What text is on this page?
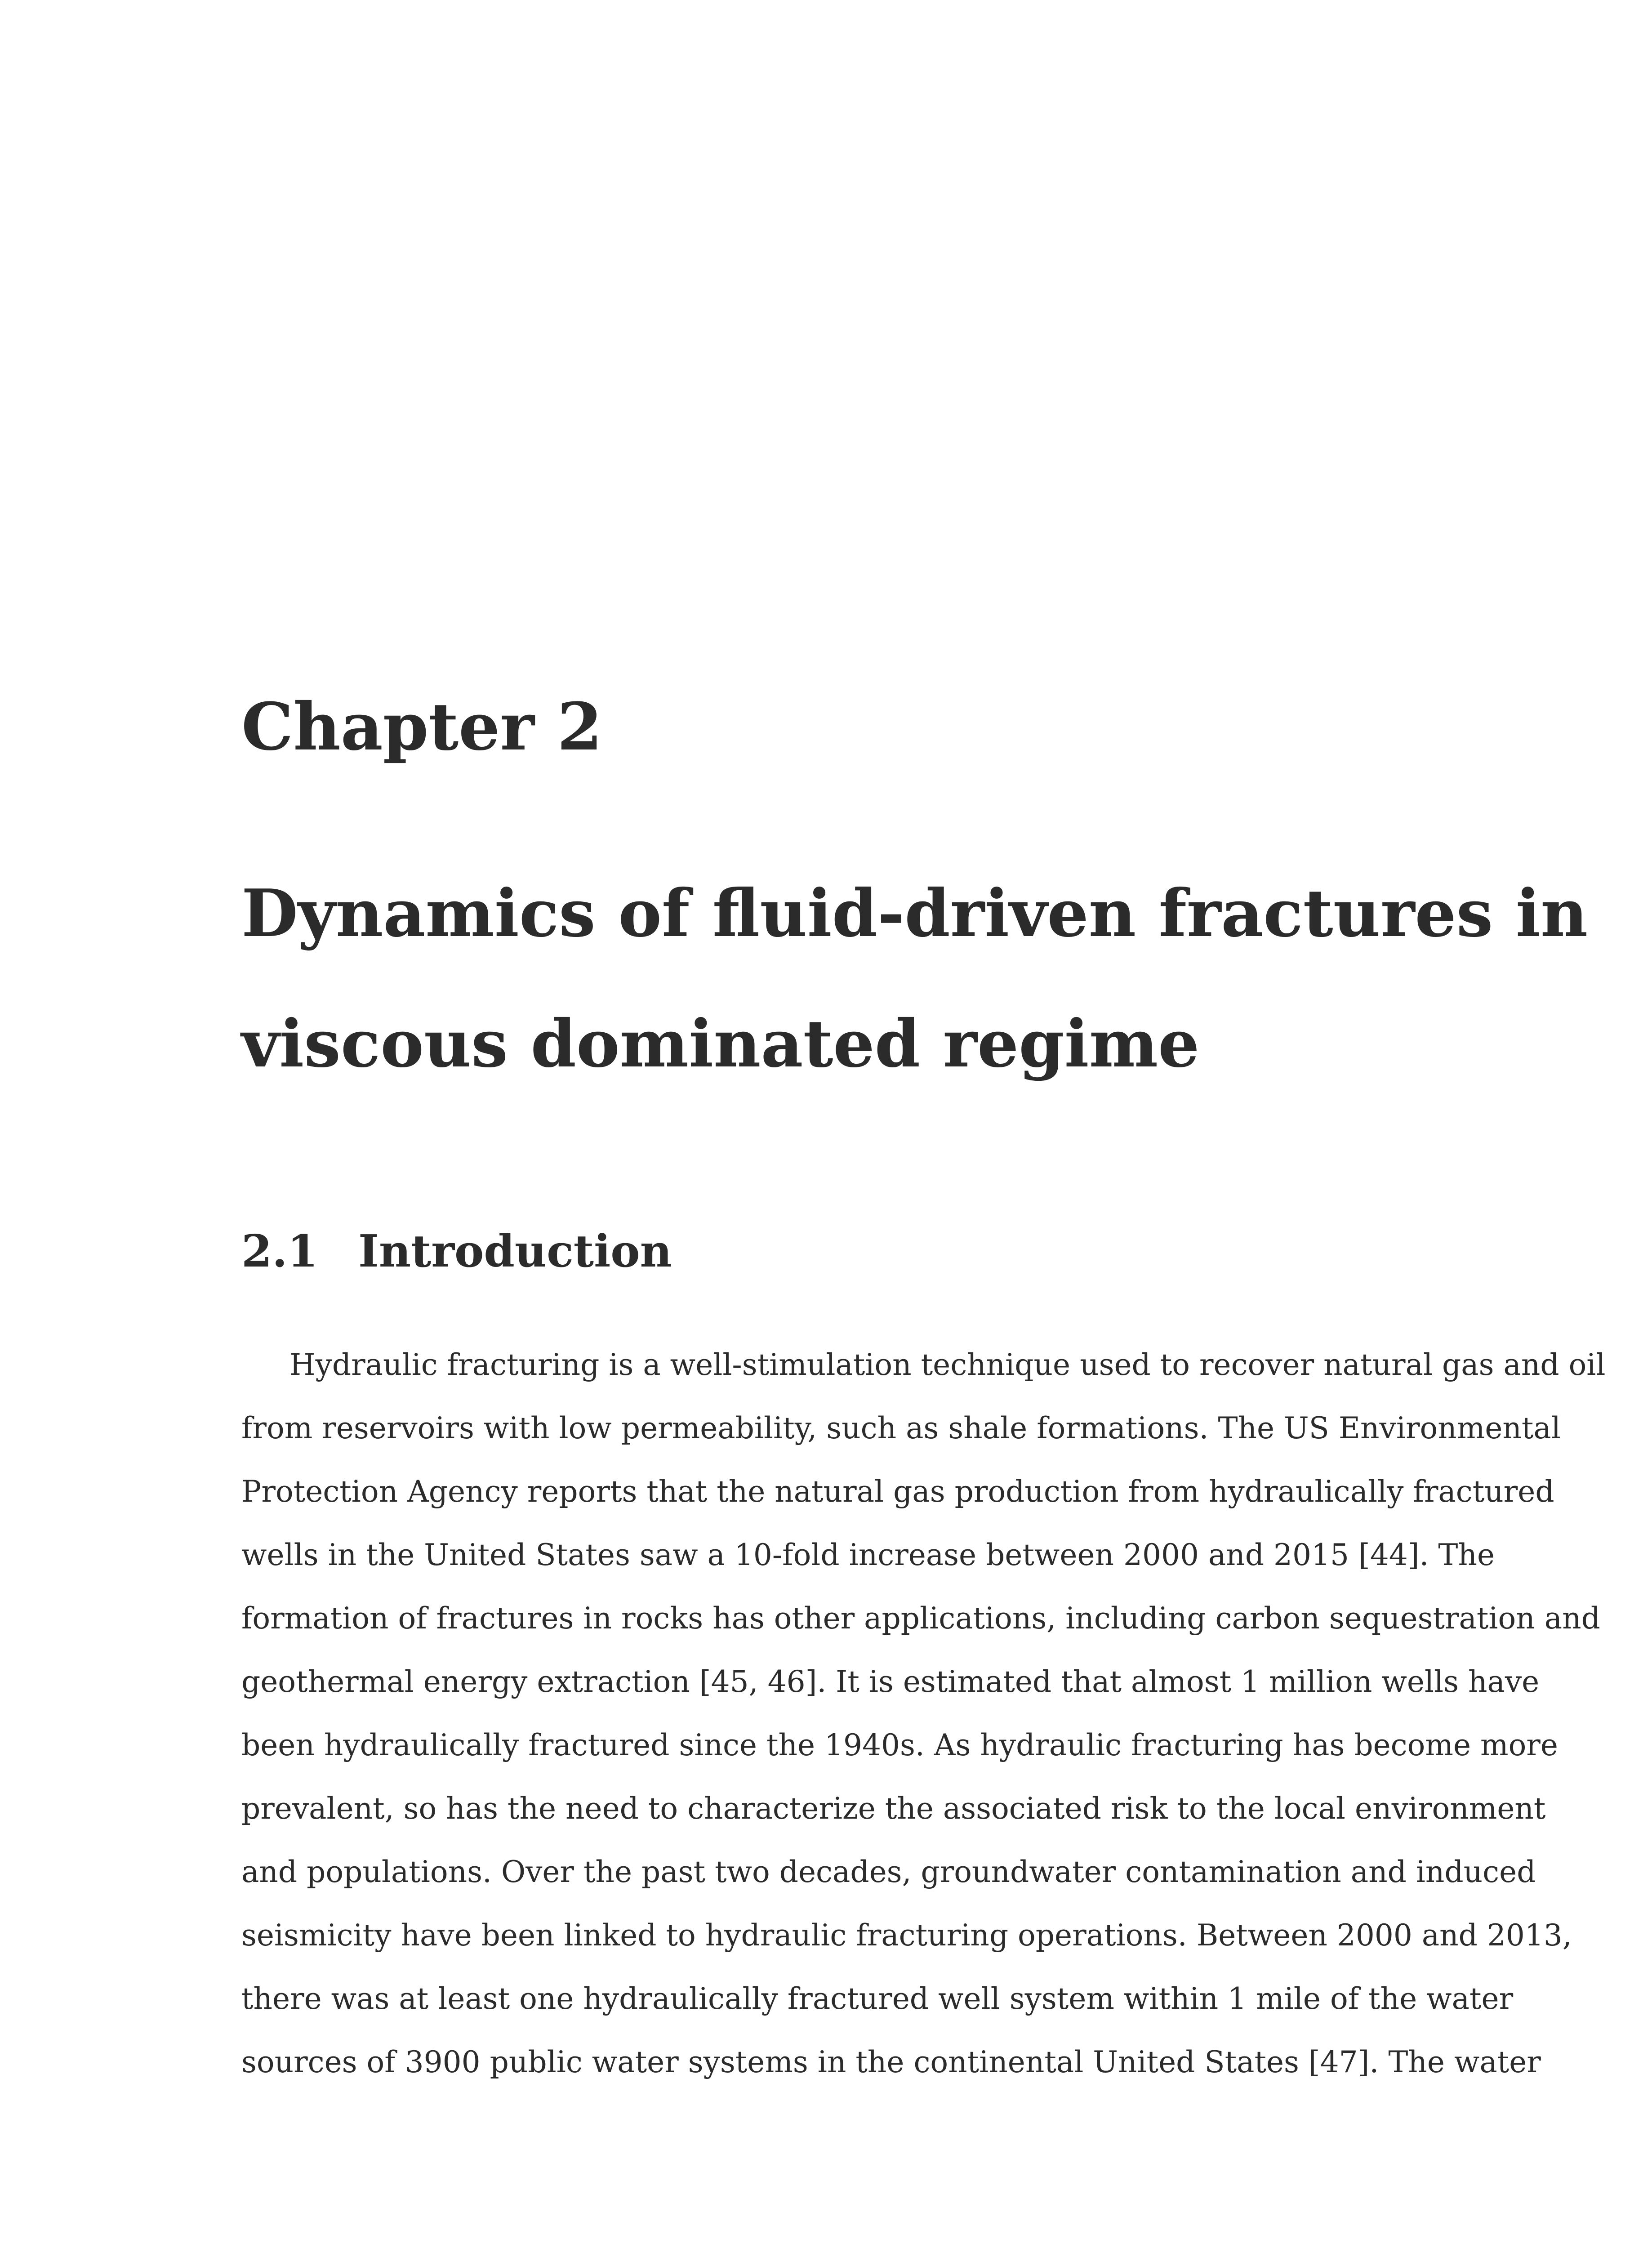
Chapter 2
Dynamics of fluid-driven fractures in
viscous dominated regime
2.1 Introduction
Hydraulic fracturing is a well-stimulation technique used to recover natural gas and oil
from reservoirs with low permeability, such as shale formations. The US Environmental
Protection Agency reports that the natural gas production from hydraulically fractured
wells in the United States saw a 10-fold increase between 2000 and 2015 [44]. The
formation of fractures in rocks has other applications, including carbon sequestration and
geothermal energy extraction [45, 46]. It is estimated that almost 1 million wells have
been hydraulically fractured since the 1940s. As hydraulic fracturing has become more
prevalent, so has the need to characterize the associated risk to the local environment
and populations. Over the past two decades, groundwater contamination and induced
seismicity have been linked to hydraulic fracturing operations. Between 2000 and 2013,
there was at least one hydraulically fractured well system within 1 mile of the water
sources of 3900 public water systems in the continental United States [47]. The water
